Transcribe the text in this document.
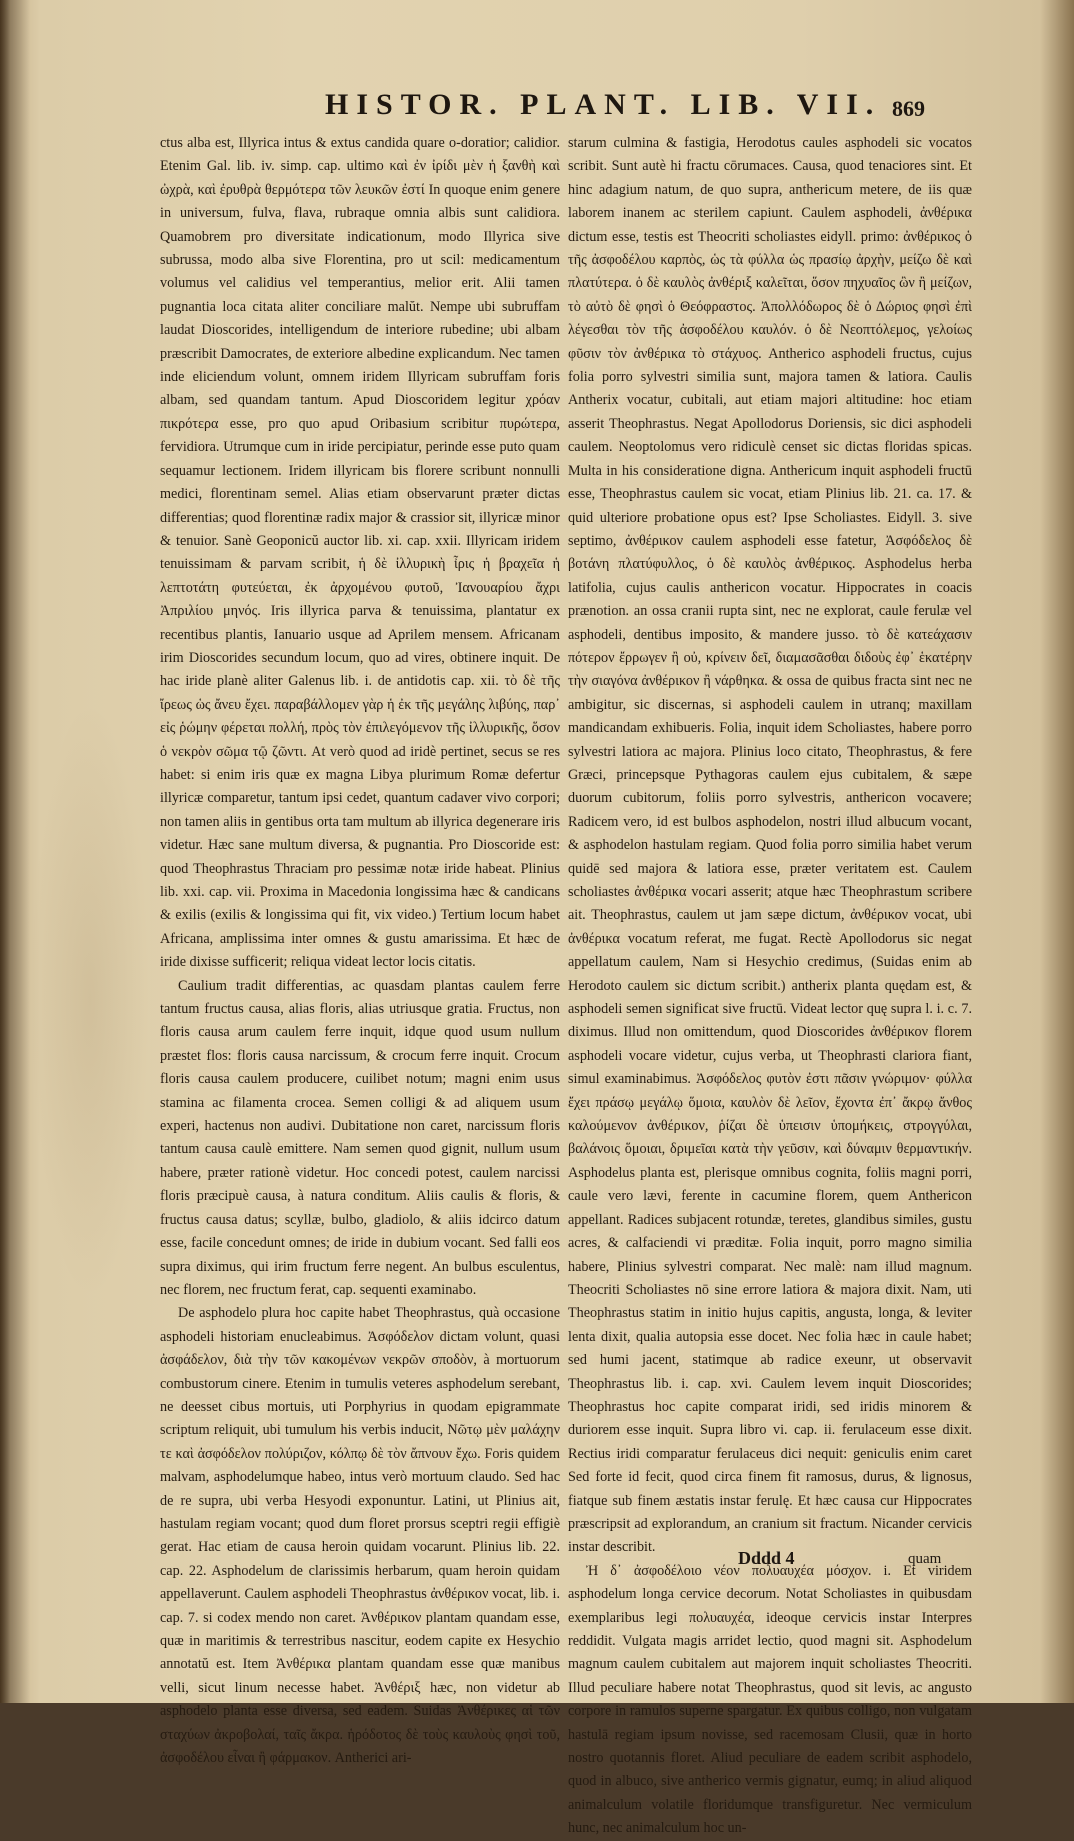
HISTOR. PLANT. LIB. VII. 869

ctus alba est, Illyrica intus & extus candida quare o-doratior; calidior. Etenim Gal. lib. iv. simp. cap. ultimo καὶ ἐν ἰρίδι μὲν ἡ ξανθὴ καὶ ὠχρὰ, καὶ ἐρυθρὰ θερμότερα τῶν λευκῶν ἐστί In quoque enim genere in universum, fulva, flava, rubraque omnia albis sunt calidiora. Quamobrem pro diversitate indicationum, modo Illyrica sive subrussa, modo alba sive Florentina, pro ut scil: medicamentum volumus vel calidius vel temperantius, melior erit. Alii tamen pugnantia loca citata aliter conciliare malŭt. Nempe ubi subruffam laudat Dioscorides, intelligendum de interiore rubedine; ubi albam præscribit Damocrates, de exteriore albedine explicandum. Nec tamen inde eliciendum volunt, omnem iridem Illyricam subruffam foris albam, sed quandam tantum. Apud Dioscoridem legitur χρόαν πικρότερα esse, pro quo apud Oribasium scribitur πυρώτερα, fervidiora. Utrumque cum in iride percipiatur, perinde esse puto quam sequamur lectionem. Iridem illyricam bis florere scribunt nonnulli medici, florentinam semel. Alias etiam observarunt præter dictas differentias; quod florentinæ radix major & crassior sit, illyricæ minor & tenuior. Sanè Geoponicŭ auctor lib. xi. cap. xxii. Illyricam iridem tenuissimam & parvam scribit, ἡ δὲ ἰλλυρικὴ ἶρις ἡ βραχεῖα ἡ λεπτοτάτη φυτεύεται, ἐκ ἀρχομένου φυτοῦ, Ἰανουαρίου ἄχρι Ἀπριλίου μηνός. Iris illyrica parva & tenuissima, plantatur ex recentibus plantis, Ianuario usque ad Aprilem mensem. Africanam irim Dioscorides secundum locum, quo ad vires, obtinere inquit. De hac iride planè aliter Galenus lib. i. de antidotis cap. xii. τὸ δὲ τῆς ἴρεως ὡς ἄνευ ἔχει. παραβάλλομεν γὰρ ἡ ἐκ τῆς μεγάλης λιβύης, παρ᾽ εἰς ῥώμην φέρεται πολλή, πρὸς τὸν ἐπιλεγόμενον τῆς ἰλλυρικῆς, ὅσον ὁ νεκρὸν σῶμα τῷ ζῶντι. At verò quod ad iridè pertinet, secus se res habet: si enim iris quæ ex magna Libya plurimum Romæ defertur illyricæ comparetur, tantum ipsi cedet, quantum cadaver vivo corpori; non tamen aliis in gentibus orta tam multum ab illyrica degenerare iris videtur. Hæc sane multum diversa, & pugnantia. Pro Dioscoride est: quod Theophrastus Thraciam pro pessimæ notæ iride habeat. Plinius lib. xxi. cap. vii. Proxima in Macedonia longissima hæc & candicans & exilis (exilis & longissima qui fit, vix video.) Tertium locum habet Africana, amplissima inter omnes & gustu amarissima. Et hæc de iride dixisse sufficerit; reliqua videat lector locis citatis.

Caulium tradit differentias, ac quasdam plantas caulem ferre tantum fructus causa, alias floris, alias utriusque gratia. Fructus, non floris causa arum caulem ferre inquit, idque quod usum nullum præstet flos: floris causa narcissum, & crocum ferre inquit. Crocum floris causa caulem producere, cuilibet notum; magni enim usus stamina ac filamenta crocea. Semen colligi & ad aliquem usum experi, hactenus non audivi. Dubitatione non caret, narcissum floris tantum causa caulè emittere. Nam semen quod gignit, nullum usum habere, præter rationè videtur. Hoc concedi potest, caulem narcissi floris præcipuè causa, à natura conditum. Aliis caulis & floris, & fructus causa datus; scyllæ, bulbo, gladiolo, & aliis idcirco datum esse, facile concedunt omnes; de iride in dubium vocant. Sed falli eos supra diximus, qui irim fructum ferre negent. An bulbus esculentus, nec florem, nec fructum ferat, cap. sequenti examinabo.

De asphodelo plura hoc capite habet Theophrastus, quà occasione asphodeli historiam enucleabimus. Ἀσφόδελον dictam volunt, quasi ἀσφάδελον, διὰ τὴν τῶν κακομένων νεκρῶν σποδὸν, à mortuorum combustorum cinere. Etenim in tumulis veteres asphodelum serebant, ne deesset cibus mortuis, uti Porphyrius in quodam epigrammate scriptum reliquit, ubi tumulum his verbis inducit, Νῶτῳ μὲν μαλάχην τε καὶ ἀσφόδελον πολύριζον, κόλπῳ δὲ τὸν ἄπνουν ἔχω. Foris quidem malvam, asphodelumque habeo, intus verò mortuum claudo. Sed hac de re supra, ubi verba Hesyodi exponuntur. Latini, ut Plinius ait, hastulam regiam vocant; quod dum floret prorsus sceptri regii effigiè gerat. Hac etiam de causa heroin quidam vocarunt. Plinius lib. 22. cap. 22. Asphodelum de clarissimis herbarum, quam heroin quidam appellaverunt. Caulem asphodeli Theophrastus ἀνθέρικον vocat, lib. i. cap. 7. si codex mendo non caret. Ἀνθέρικον plantam quandam esse, quæ in maritimis & terrestribus nascitur, eodem capite ex Hesychio annotatŭ est. Item Ἀνθέρικα plantam quandam esse quæ manibus velli, sicut linum necesse habet. Ἀνθέριξ hæc, non videtur ab asphodelo planta esse diversa, sed eadem. Suidas Ἀνθέρικες αἱ τῶν σταχύων ἀκροβολαί, ταῖς ἄκρα. ἡρόδοτος δὲ τοὺς καυλοὺς φησὶ τοῦ, ἀσφοδέλου εἶναι ἢ φάρμακον. Antherici ari-

starum culmina & fastigia, Herodotus caules asphodeli sic vocatos scribit. Sunt autè hi fractu cōrumaces. Causa, quod tenaciores sint. Et hinc adagium natum, de quo supra, anthericum metere, de iis quæ laborem inanem ac sterilem capiunt. Caulem asphodeli, ἀνθέρικα dictum esse, testis est Theocriti scholiastes eidyll. primo: ἀνθέρικος ὁ τῆς ἀσφοδέλου καρπὸς, ὡς τὰ φύλλα ὡς πρασίῳ ἀρχὴν, μείζω δὲ καὶ πλατύτερα. ὁ δὲ καυλὸς ἀνθέριξ καλεῖται, ὅσον πηχυαῖος ὢν ἢ μείζων, τὸ αὐτὸ δὲ φησὶ ὁ Θεόφραστος. Ἀπολλόδωρος δὲ ὁ Δώριος φησὶ ἐπὶ λέγεσθαι τὸν τῆς ἀσφοδέλου καυλόν. ὁ δὲ Νεοπτόλεμος, γελοίως φῦσιν τὸν ἀνθέρικα τὸ στάχυος. Antherico asphodeli fructus, cujus folia porro sylvestri similia sunt, majora tamen & latiora. Caulis Antherix vocatur, cubitali, aut etiam majori altitudine: hoc etiam asserit Theophrastus. Negat Apollodorus Doriensis, sic dici asphodeli caulem. Neoptolomus vero ridiculè censet sic dictas floridas spicas. Multa in his consideratione digna. Anthericum inquit asphodeli fructū esse, Theophrastus caulem sic vocat, etiam Plinius lib. 21. ca. 17. & quid ulteriore probatione opus est? Ipse Scholiastes. Eidyll. 3. sive septimo, ἀνθέρικον caulem asphodeli esse fatetur, Ἀσφόδελος δὲ βοτάνη πλατύφυλλος, ὁ δὲ καυλὸς ἀνθέρικος. Asphodelus herba latifolia, cujus caulis anthericon vocatur. Hippocrates in coacis prænotion. an ossa cranii rupta sint, nec ne explorat, caule ferulæ vel asphodeli, dentibus imposito, & mandere jusso. τὸ δὲ κατεάχασιν πότερον ἔρρωγεν ἢ οὐ, κρίνειν δεῖ, διαμασᾶσθαι διδοὺς ἐφ᾽ ἑκατέρην τὴν σιαγόνα ἀνθέρικον ἢ νάρθηκα. & ossa de quibus fracta sint nec ne ambigitur, sic discernas, si asphodeli caulem in utranq; maxillam mandicandam exhibueris. Folia, inquit idem Scholiastes, habere porro sylvestri latiora ac majora. Plinius loco citato, Theophrastus, & fere Græci, princepsque Pythagoras caulem ejus cubitalem, & sæpe duorum cubitorum, foliis porro sylvestris, anthericon vocavere; Radicem vero, id est bulbos asphodelon, nostri illud albucum vocant, & asphodelon hastulam regiam. Quod folia porro similia habet verum quidē sed majora & latiora esse, præter veritatem est. Caulem scholiastes ἀνθέρικα vocari asserit; atque hæc Theophrastum scribere ait. Theophrastus, caulem ut jam sæpe dictum, ἀνθέρικον vocat, ubi ἀνθέρικα vocatum referat, me fugat. Rectè Apollodorus sic negat appellatum caulem, Nam si Hesychio credimus, (Suidas enim ab Herodoto caulem sic dictum scribit.) antherix planta quędam est, & asphodeli semen significat sive fructū. Videat lector quę supra l. i. c. 7. diximus. Illud non omittendum, quod Dioscorides ἀνθέρικον florem asphodeli vocare videtur, cujus verba, ut Theophrasti clariora fiant, simul examinabimus. Ἀσφόδελος φυτὸν ἐστι πᾶσιν γνώριμον· φύλλα ἔχει πράσῳ μεγάλῳ ὅμοια, καυλὸν δὲ λεῖον, ἔχοντα ἐπ᾽ ἄκρῳ ἄνθος καλούμενον ἀνθέρικον, ῥίζαι δὲ ὑπεισιν ὑπομήκεις, στρογγύλαι, βαλάνοις ὅμοιαι, δριμεῖαι κατὰ τὴν γεῦσιν, καὶ δύναμιν θερμαντικήν. Asphodelus planta est, plerisque omnibus cognita, foliis magni porri, caule vero lævi, ferente in cacumine florem, quem Anthericon appellant. Radices subjacent rotundæ, teretes, glandibus similes, gustu acres, & calfaciendi vi præditæ. Folia inquit, porro magno similia habere, Plinius sylvestri comparat. Nec malè: nam illud magnum. Theocriti Scholiastes nō sine errore latiora & majora dixit. Nam, uti Theophrastus statim in initio hujus capitis, angusta, longa, & leviter lenta dixit, qualia autopsia esse docet. Nec folia hæc in caule habet; sed humi jacent, statimque ab radice exeunr, ut observavit Theophrastus lib. i. cap. xvi. Caulem levem inquit Dioscorides; Theophrastus hoc capite comparat iridi, sed iridis minorem & duriorem esse inquit. Supra libro vi. cap. ii. ferulaceum esse dixit. Rectius iridi comparatur ferulaceus dici nequit: geniculis enim caret Sed forte id fecit, quod circa finem fit ramosus, durus, & lignosus, fiatque sub finem æstatis instar ferulę. Et hæc causa cur Hippocrates præscripsit ad explorandum, an cranium sit fractum. Nicander cervicis instar describit.

Ἠ δ᾽ ἀσφοδέλοιο νέον πολυαυχέα μόσχον. i. Et viridem asphodelum longa cervice decorum. Notat Scholiastes in quibusdam exemplaribus legi πολυαυχέα, ideoque cervicis instar Interpres reddidit. Vulgata magis arridet lectio, quod magni sit. Asphodelum magnum caulem cubitalem aut majorem inquit scholiastes Theocriti. Illud peculiare habere notat Theophrastus, quod sit levis, ac angusto corpore in ramulos superne spargatur. Ex quibus colligo, non vulgatam hastulā regiam ipsum novisse, sed racemosam Clusii, quæ in horto nostro quotannis floret. Aliud peculiare de eadem scribit asphodelo, quod in albuco, sive antherico vermis gignatur, eumq; in aliud aliquod animalculum volatile floridumque transfiguretur. Nec vermiculum hunc, nec animalculum hoc un-

Dddd 4	quam
